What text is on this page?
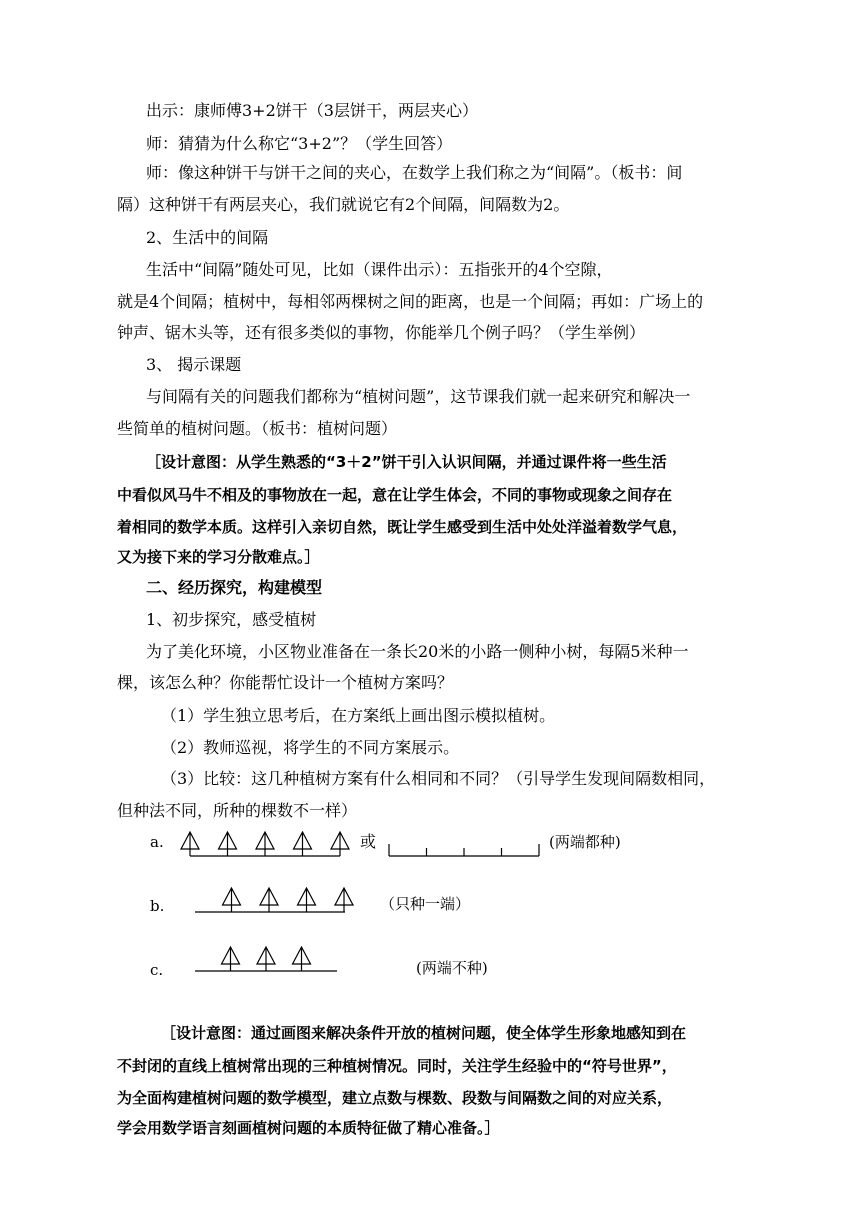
出示：康师傅3+2饼干（3层饼干，两层夹心）
师：猜猜为什么称它“3+2”？（学生回答）
师：像这种饼干与饼干之间的夹心，在数学上我们称之为“间隔”。（板书：间
隔）这种饼干有两层夹心，我们就说它有2个间隔，间隔数为2。
2、生活中的间隔
生活中“间隔”随处可见，比如（课件出示）：五指张开的4个空隙，
就是4个间隔；植树中，每相邻两棵树之间的距离，也是一个间隔；再如：广场上的
钟声、锯木头等，还有很多类似的事物，你能举几个例子吗？（学生举例）
3、 揭示课题
与间隔有关的问题我们都称为“植树问题”，这节课我们就一起来研究和解决一
些简单的植树问题。（板书：植树问题）
［设计意图：从学生熟悉的“3＋2”饼干引入认识间隔，并通过课件将一些生活
中看似风马牛不相及的事物放在一起，意在让学生体会，不同的事物或现象之间存在
着相同的数学本质。这样引入亲切自然，既让学生感受到生活中处处洋溢着数学气息，
又为接下来的学习分散难点。］
二、经历探究，构建模型
1、初步探究，感受植树
为了美化环境，小区物业准备在一条长20米的小路一侧种小树，每隔5米种一
棵，该怎么种？你能帮忙设计一个植树方案吗？
（1）学生独立思考后，在方案纸上画出图示模拟植树。
（2）教师巡视，将学生的不同方案展示。
（3）比较：这几种植树方案有什么相同和不同？（引导学生发现间隔数相同，
但种法不同，所种的棵数不一样）
a.	或	(两端都种)
b.	（只种一端）
c.	(两端不种)
［设计意图：通过画图来解决条件开放的植树问题，使全体学生形象地感知到在
不封闭的直线上植树常出现的三种植树情况。同时，关注学生经验中的“符号世界”，
为全面构建植树问题的数学模型，建立点数与棵数、段数与间隔数之间的对应关系，
学会用数学语言刻画植树问题的本质特征做了精心准备。］
